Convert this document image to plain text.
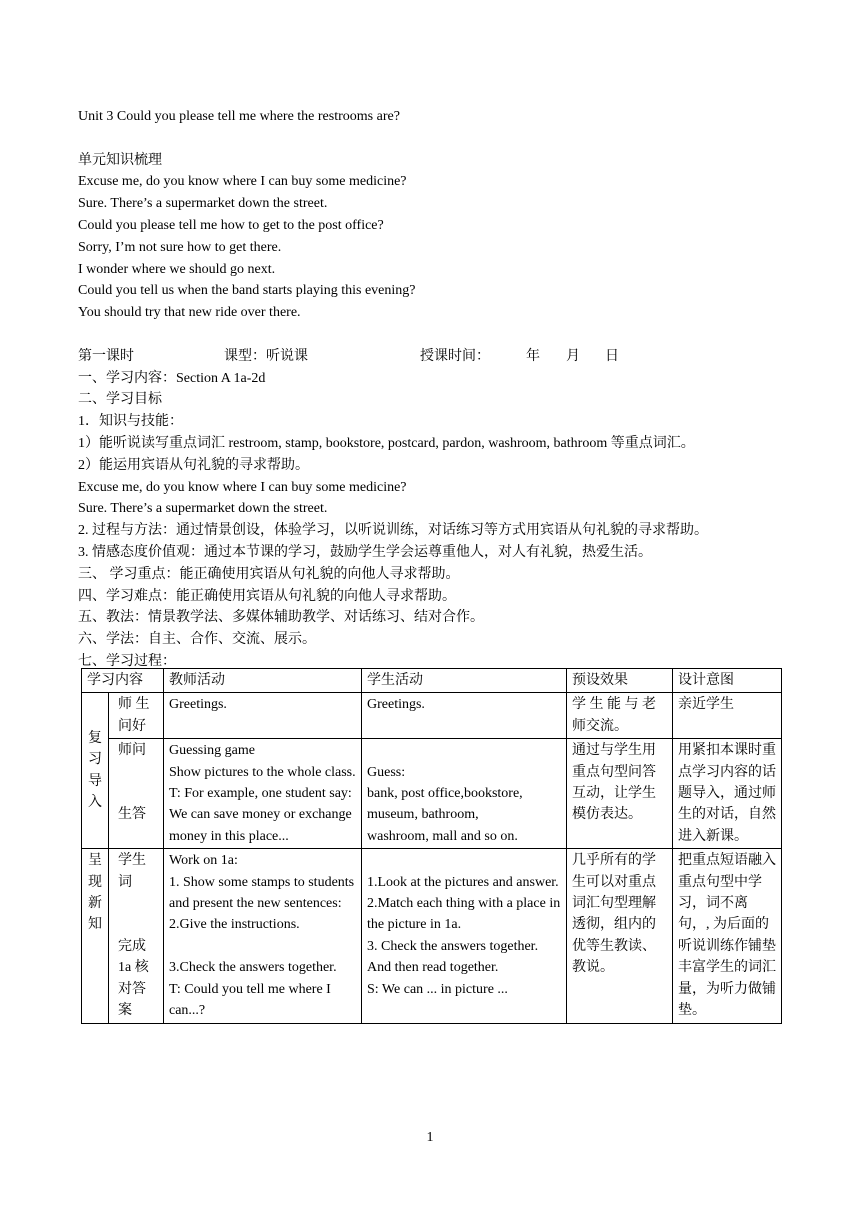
Unit 3 Could you please tell me where the restrooms are?
单元知识梳理
Excuse me, do you know where I can buy some medicine?
Sure. There’s a supermarket down the street.
Could you please tell me how to get to the post office?
Sorry, I’m not sure how to get there.
I wonder where we should go next.
Could you tell us when the band starts playing this evening?
You should try that new ride over there.
第一课时	课型：听说课	授课时间：	年 月 日
一、学习内容：Section A 1a-2d
二、学习目标
1．知识与技能：
1）能听说读写重点词汇 restroom, stamp, bookstore, postcard, pardon, washroom, bathroom 等重点词汇。
2）能运用宾语从句礼貌的寻求帮助。
Excuse me, do you know where I can buy some medicine?
Sure. There’s a supermarket down the street.
2. 过程与方法：通过情景创设，体验学习，以听说训练，对话练习等方式用宾语从句礼貌的寻求帮助。
3. 情感态度价值观：通过本节课的学习，鼓励学生学会运尊重他人，对人有礼貌，热爱生活。
三、 学习重点：能正确使用宾语从句礼貌的向他人寻求帮助。
四、学习难点：能正确使用宾语从句礼貌的向他人寻求帮助。
五、教法：情景教学法、多媒体辅助教学、对话练习、结对合作。
六、学法：自主、合作、交流、展示。
七、学习过程：
学习内容		教师活动	学生活动	预设效果	设计意图

复
习
导
入	师 生 问好	Greetings.	Greetings.	学 生 能 与 老 师交流。	亲近学生

	师问
生答	Guessing game
Show pictures to the whole class.
T: For example, one student say: We can save money or exchange money in this place...	Guess:
bank, post office,bookstore, museum, bathroom,
washroom, mall and so on.	通过与学生用重点句型问答互动，让学生模仿表达。	用紧扣本课时重点学习内容的话题导入，通过师生的对话，自然进入新课。

呈
现
新
知	学生词
完成 1a 核对答案	Work on 1a:
1. Show some stamps to students and present the new sentences:
2.Give the instructions.
3.Check the answers together.
T: Could you tell me where I can...?	1.Look at the pictures and answer.
2.Match each thing with a place in the picture in 1a.
3. Check the answers together. And then read together.
S: We can ... in picture ...	几乎所有的学生可以对重点词汇句型理解透彻，组内的优等生教读、教说。	把重点短语融入重点句型中学习，词不离句，, 为后面的听说训练作铺垫丰富学生的词汇量，为听力做铺垫。
1
